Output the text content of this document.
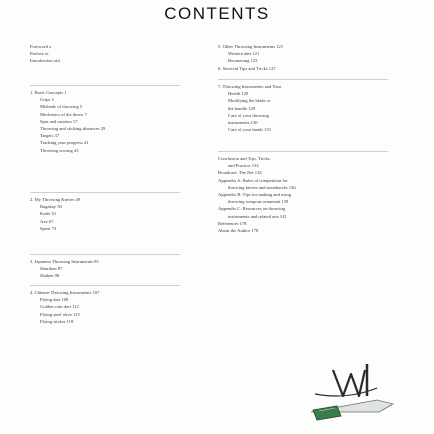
CONTENTS
Foreword x
Preface xi
Introduction xiii
1. Basic Concepts 1
Grips 3
Methods of throwing 5
Mechanics of the throw 7
Spin and rotation 17
Throwing and sticking distances 29
Targets 37
Tracking your progress 41
Throwing scoring 43
2. My Throwing Knives 49
Bagakay 50
Knife 51
Axe 67
Spear 73
3. Japanese Throwing Instruments 85
Shuriken 87
Shaken 98
4. Chinese Throwing Instruments 107
Flying dart 108
Golden coin dart 112
Flying steel olive 115
Flying sticker 118
5. Other Throwing Instruments 121
Western dart 121
Boomerang 123
6. Survival Tips and Tricks 127
7. Throwing Instruments and Your
Health 129
Modifying the blade or
the handle 129
Care of your throwing
instruments 130
Care of your hands 131
Conclusion and Tips, Tricks,
and Practice 132
Broadcast: The Net 134
Appendix A: Rules of competition for
throwing knives and tomahawks 136
Appendix B: Tips for making and using
throwing weapons ornament 139
Appendix C: Resources on throwing
instruments and related arts 141
References 178
About the Author 178
